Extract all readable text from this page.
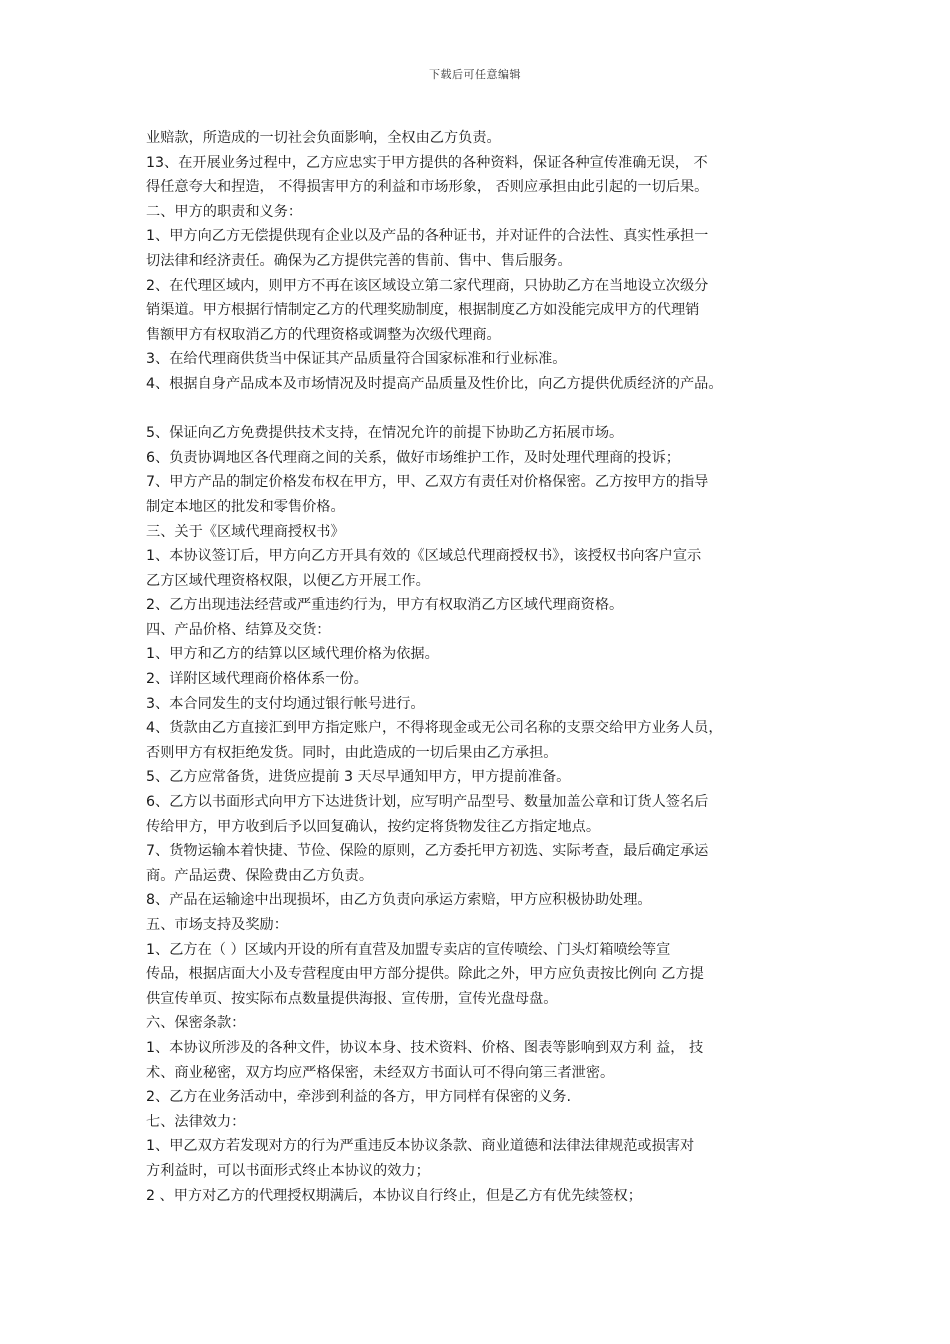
下载后可任意编辑
业赔款，所造成的一切社会负面影响，全权由乙方负责。
13、在开展业务过程中，乙方应忠实于甲方提供的各种资料，保证各种宣传准确无误， 不
得任意夸大和捏造， 不得损害甲方的利益和市场形象， 否则应承担由此引起的一切后果。
二、甲方的职责和义务：
1、甲方向乙方无偿提供现有企业以及产品的各种证书，并对证件的合法性、真实性承担一
切法律和经济责任。确保为乙方提供完善的售前、售中、售后服务。
2、在代理区域内，则甲方不再在该区域设立第二家代理商，只协助乙方在当地设立次级分
销渠道。甲方根据行情制定乙方的代理奖励制度，根据制度乙方如没能完成甲方的代理销
售额甲方有权取消乙方的代理资格或调整为次级代理商。
3、在给代理商供货当中保证其产品质量符合国家标准和行业标准。
4、根据自身产品成本及市场情况及时提高产品质量及性价比，向乙方提供优质经济的产品。
5、保证向乙方免费提供技术支持，在情况允许的前提下协助乙方拓展市场。
6、负责协调地区各代理商之间的关系，做好市场维护工作，及时处理代理商的投诉；
7、甲方产品的制定价格发布权在甲方，甲、乙双方有责任对价格保密。乙方按甲方的指导
制定本地区的批发和零售价格。
三、关于《区域代理商授权书》
1、本协议签订后，甲方向乙方开具有效的《区域总代理商授权书》，该授权书向客户宣示
乙方区域代理资格权限，以便乙方开展工作。
2、乙方出现违法经营或严重违约行为，甲方有权取消乙方区域代理商资格。
四、产品价格、结算及交货：
1、甲方和乙方的结算以区域代理价格为依据。
2、详附区域代理商价格体系一份。
3、本合同发生的支付均通过银行帐号进行。
4、货款由乙方直接汇到甲方指定账户，不得将现金或无公司名称的支票交给甲方业务人员，
否则甲方有权拒绝发货。同时，由此造成的一切后果由乙方承担。
5、乙方应常备货，进货应提前 3 天尽早通知甲方，甲方提前准备。
6、乙方以书面形式向甲方下达进货计划，应写明产品型号、数量加盖公章和订货人签名后
传给甲方，甲方收到后予以回复确认，按约定将货物发往乙方指定地点。
7、货物运输本着快捷、节俭、保险的原则，乙方委托甲方初选、实际考查，最后确定承运
商。产品运费、保险费由乙方负责。
8、产品在运输途中出现损坏，由乙方负责向承运方索赔，甲方应积极协助处理。
五、市场支持及奖励：
1、乙方在（ ）区域内开设的所有直营及加盟专卖店的宣传喷绘、门头灯箱喷绘等宣
传品，根据店面大小及专营程度由甲方部分提供。除此之外，甲方应负责按比例向 乙方提
供宣传单页、按实际布点数量提供海报、宣传册，宣传光盘母盘。
六、保密条款：
1、本协议所涉及的各种文件，协议本身、技术资料、价格、图表等影响到双方利 益， 技
术、商业秘密，双方均应严格保密，未经双方书面认可不得向第三者泄密。
2、乙方在业务活动中，牵涉到利益的各方，甲方同样有保密的义务.
七、法律效力：
1、甲乙双方若发现对方的行为严重违反本协议条款、商业道德和法律法律规范或损害对
方利益时，可以书面形式终止本协议的效力；
2 、甲方对乙方的代理授权期满后，本协议自行终止，但是乙方有优先续签权；
